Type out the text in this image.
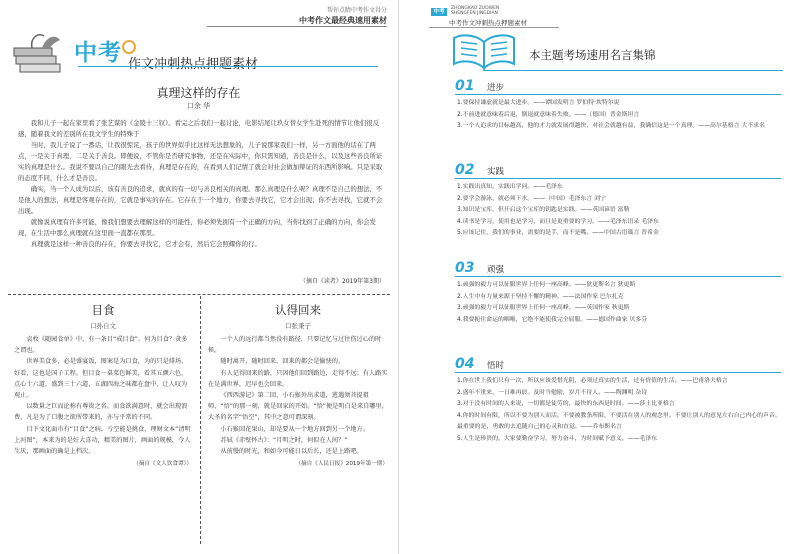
帮你点睛中考作文得分
中考作文最经典速用素材
中考 作文冲刺热点押题素材
真理这样的存在
口余 华

我和儿子一起在家里看了张艺谋的《金陵十三钗》。看完之后我们一起讨论，电影结尾让玖女替女学生赴死的情节让他们很反感，随着我文的差别所在我文学生的特殊于

当时，我儿子说了一番话，让我很惊诧，孩子的世界似乎比这样无法想象的，儿子说那家我们一样，另一方面他的话在了两点，一是关于真理，二是关于善良。即便说，不管你是否研究事物，还是在实际中，你只需知道，善良是什么，以及这些善良所证实的真理是什么。我说不要以自己的眼光去看待，真理是存在的，在看到人们记情了就会对社会做加辩证的东西所影响。只是采取的态度不同，什么才是善良。

确实，当一个人成为以后，该有善良的追求，就真的有一切与善良相关的真理。那么真理是什么呢？真理不是自己的想法，不是他人的想法，真理是客观存在的，它就是事实的存在。它存在于一个地方，你要去寻找它，它才会出现；你不去寻找，它就不会出现。

就像说真理有许多可能，像我们想要去理解这样的可能性，你必须先拥有一个正确的方向，当你找到了正确的方向，你会发现，在生活中那么真理就在这里面一直都在那里。

真理就是这样一种善良的存在，你要去寻找它，它才会有，然后它会照耀你的行。

（摘自《读者》2019年第3期）
目食
口孙自文

袁枚《随园食单》中，有一条目“戒目食”。何为目食？贪多之谓也。

世界美食多，必是盛宴饭，图案是为口食，为的只是排场、好看，这也是国子工程。但目食一桌菜色鲜美，看其五颜六色，点心十六道，盛到三十六道，五湖四海之味都在盘中，让人叹为观止。

以数量之巨而论称有尊贵之名。而食欲满意时，就会出现浪费，凡是为了口腹之欲所带来的，亦与平常的不同。

目下文化面市有“目食”之病，亏空能是挑食，理财文本“清明上河图”，本来为的是好大喜功，精美的图片，画面的规模，令人生厌，那画面的确是上档次。

（摘自《文人饮食谭》）
认得回来
口张秉子

一个人的远行都当然没有路径，只要记忆与过往伤过心的时候。

随时离开，随时回来，回来的都会是愉快的。

有人记得回来的路，只因他们回到路边，走得不远；有人路实在是满世界，迟早也会回来。

《西西游记》第二回，小石猴外出求道，逃遇须菩提祖师，“悟”的那一刻，就是回家的开始。“悟”便是明白是来自哪里，大圣的名字“悟空”，其中之意可谓深刻。

小石猴回花果山，却是要从一个地方回到另一个地方。

苏轼《赤壁怀古》：“月明之时，何似在人间？”

从前慢的时光，和如今可能日以后长，还是上路吧。

（摘自《人民日报》2019年第一期）
中考
ZHONGKAO ZUOWEN
SHENGFEN JINGDIAN
中考作文冲刺热点押题素材
本主题考场速用名言集锦
01 进步
1.要保持谦虚就是最大进步。——谭国发明言 罗伯特·坎特尔说
2.不前进就意味着后退，倒退就意味着失败。——（德国）普金斯坦言
3.一个人追求的目标越高，他的才力就发展得越快，对社会就越有益，我确信这是一个真理。——高尔基格言 大不求名
02 实践
1.实践出真知，实践出学问。——毛泽东
2.要学会游泳，就必须下水。——（中国）毛泽东言 刘宁
3.知识是宝库，但开启这个宝库的钥匙是实践。——英国谚语 富勒
4.读书是学习，使用也是学习，而且是更重要的学习。——毛泽东语录 毛泽东
5.应该记住，我们的事业，需要的是手，而不是嘴。——中国古语箴言 普希金
03 顽强
1.顽强的毅力可以征服世界上任何一座高峰。——狄更斯名言 狄更斯
2.人生中有力量来源于坚持不懈的精神。——法国作家 巴尔扎克
3.顽强的毅力可以征服世界上任何一座高峰。——英国作家 秋更斯
4.我要扼住命运的咽喉，它绝不能使我完全屈服。——德国作曲家 贝多芬
04 悟时
1.你在世上我们只有一次，所以应该爱惜光阴，必须过真实的生活，过有价值的生活。——巴甫洛夫格言
2.盛年不重来，一日难再晨。及时当勉励，岁月不待人。——陶渊明 杂诗
3.对于没有时间的人来说，一切都是徒劳的，最快的东西是时间。——莎士比亚格言
4.你的时间有限，所以不要为别人而活。不要被教条所限，不要活在别人的观念里。不要让别人的意见左右自己内心的声音。最重要的是，勇敢的去追随自己的心灵和直觉。——乔布斯名言
5.人生是珍贵的，大家要勤奋学习，努力奋斗，为时间赋予意义。——毛泽东
